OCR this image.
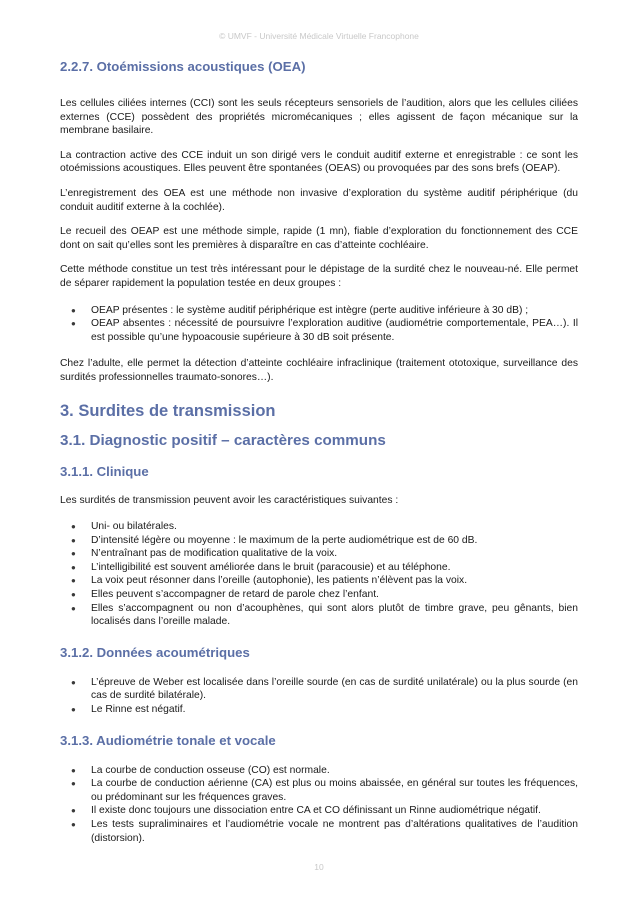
© UMVF - Université Médicale Virtuelle Francophone
2.2.7. Otoémissions acoustiques (OEA)

Les cellules ciliées internes (CCI) sont les seuls récepteurs sensoriels de l’audition, alors que les cellules ciliées externes (CCE) possèdent des propriétés micromécaniques ; elles agissent de façon mécanique sur la membrane basilaire.

La contraction active des CCE induit un son dirigé vers le conduit auditif externe et enregistrable : ce sont les otoémissions acoustiques. Elles peuvent être spontanées (OEAS) ou provoquées par des sons brefs (OEAP).

L’enregistrement des OEA est une méthode non invasive d’exploration du système auditif périphérique (du conduit auditif externe à la cochlée).

Le recueil des OEAP est une méthode simple, rapide (1 mn), fiable d’exploration du fonctionnement des CCE dont on sait qu’elles sont les premières à disparaître en cas d’atteinte cochléaire.

Cette méthode constitue un test très intéressant pour le dépistage de la surdité chez le nouveau-né. Elle permet de séparer rapidement la population testée en deux groupes :

● OEAP présentes : le système auditif périphérique est intègre (perte auditive inférieure à 30 dB) ;
● OEAP absentes : nécessité de poursuivre l’exploration auditive (audiométrie comportementale, PEA…). Il est possible qu’une hypoacousie supérieure à 30 dB soit présente.

Chez l’adulte, elle permet la détection d’atteinte cochléaire infraclinique (traitement ototoxique, surveillance des surdités professionnelles traumato-sonores…).

3. Surdites de transmission
3.1. Diagnostic positif – caractères communs
3.1.1. Clinique

Les surdités de transmission peuvent avoir les caractéristiques suivantes :

● Uni- ou bilatérales.
● D’intensité légère ou moyenne : le maximum de la perte audiométrique est de 60 dB.
● N’entraînant pas de modification qualitative de la voix.
● L’intelligibilité est souvent améliorée dans le bruit (paracousie) et au téléphone.
● La voix peut résonner dans l’oreille (autophonie), les patients n’élèvent pas la voix.
● Elles peuvent s’accompagner de retard de parole chez l’enfant.
● Elles s’accompagnent ou non d’acouphènes, qui sont alors plutôt de timbre grave, peu gênants, bien localisés dans l’oreille malade.
3.1.2. Données acoumétriques
● L’épreuve de Weber est localisée dans l’oreille sourde (en cas de surdité unilatérale) ou la plus sourde (en cas de surdité bilatérale).
● Le Rinne est négatif.
3.1.3. Audiométrie tonale et vocale
● La courbe de conduction osseuse (CO) est normale.
● La courbe de conduction aérienne (CA) est plus ou moins abaissée, en général sur toutes les fréquences, ou prédominant sur les fréquences graves.
● Il existe donc toujours une dissociation entre CA et CO définissant un Rinne audiométrique négatif.
● Les tests supraliminaires et l’audiométrie vocale ne montrent pas d’altérations qualitatives de l’audition (distorsion).
10
